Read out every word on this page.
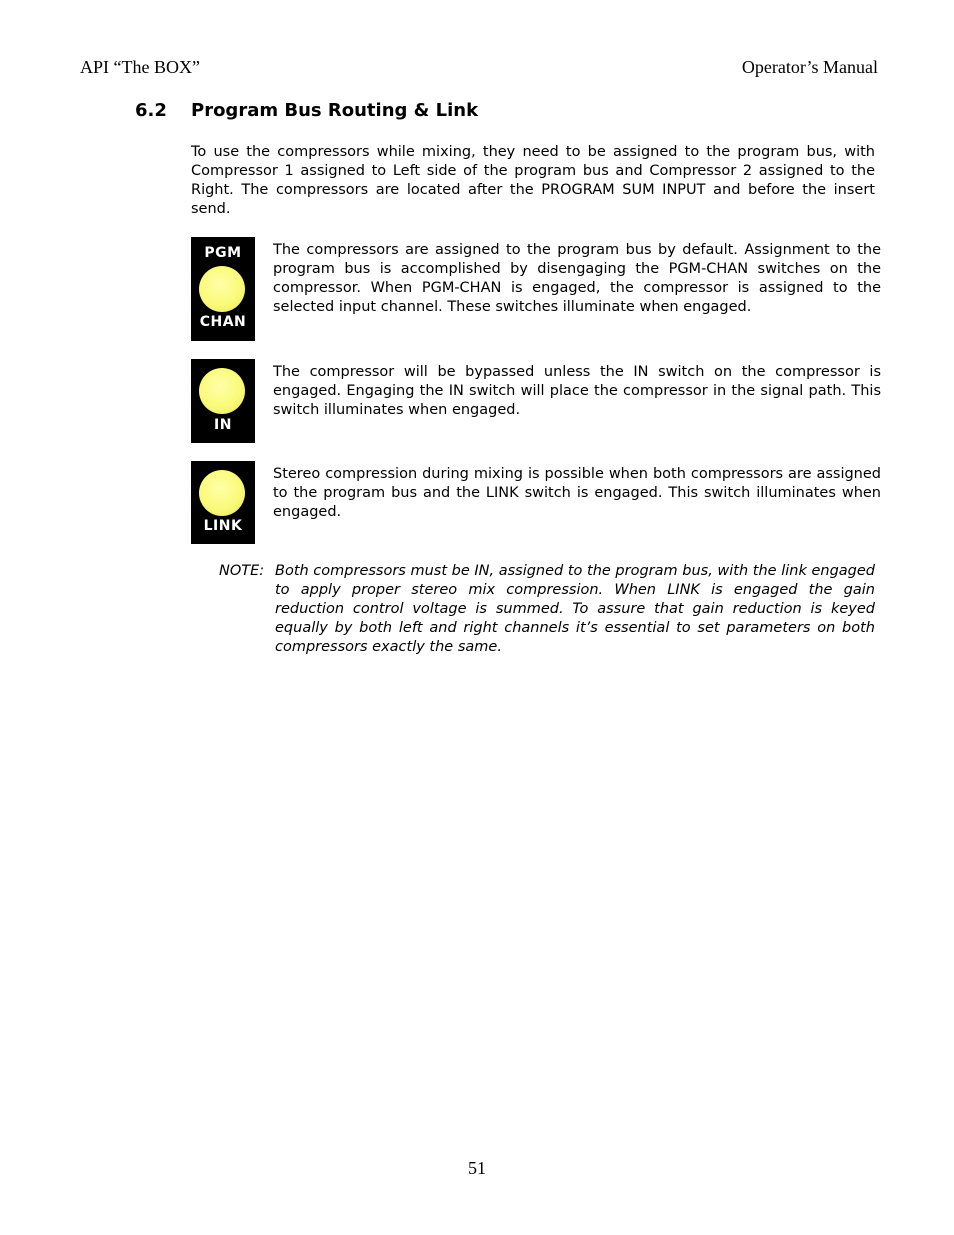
API “The BOX”	Operator’s Manual
6.2 Program Bus Routing & Link

To use the compressors while mixing, they need to be assigned to the program bus, with Compressor 1 assigned to Left side of the program bus and Compressor 2 assigned to the Right. The compressors are located after the PROGRAM SUM INPUT and before the insert send.

PGM
CHAN

The compressors are assigned to the program bus by default. Assignment to the program bus is accomplished by disengaging the PGM-CHAN switches on the compressor. When PGM-CHAN is engaged, the compressor is assigned to the selected input channel. These switches illuminate when engaged.

IN

The compressor will be bypassed unless the IN switch on the compressor is engaged. Engaging the IN switch will place the compressor in the signal path. This switch illuminates when engaged.

LINK

Stereo compression during mixing is possible when both compressors are assigned to the program bus and the LINK switch is engaged. This switch illuminates when engaged.

NOTE: Both compressors must be IN, assigned to the program bus, with the link engaged to apply proper stereo mix compression. When LINK is engaged the gain reduction control voltage is summed. To assure that gain reduction is keyed equally by both left and right channels it’s essential to set parameters on both compressors exactly the same.
51
